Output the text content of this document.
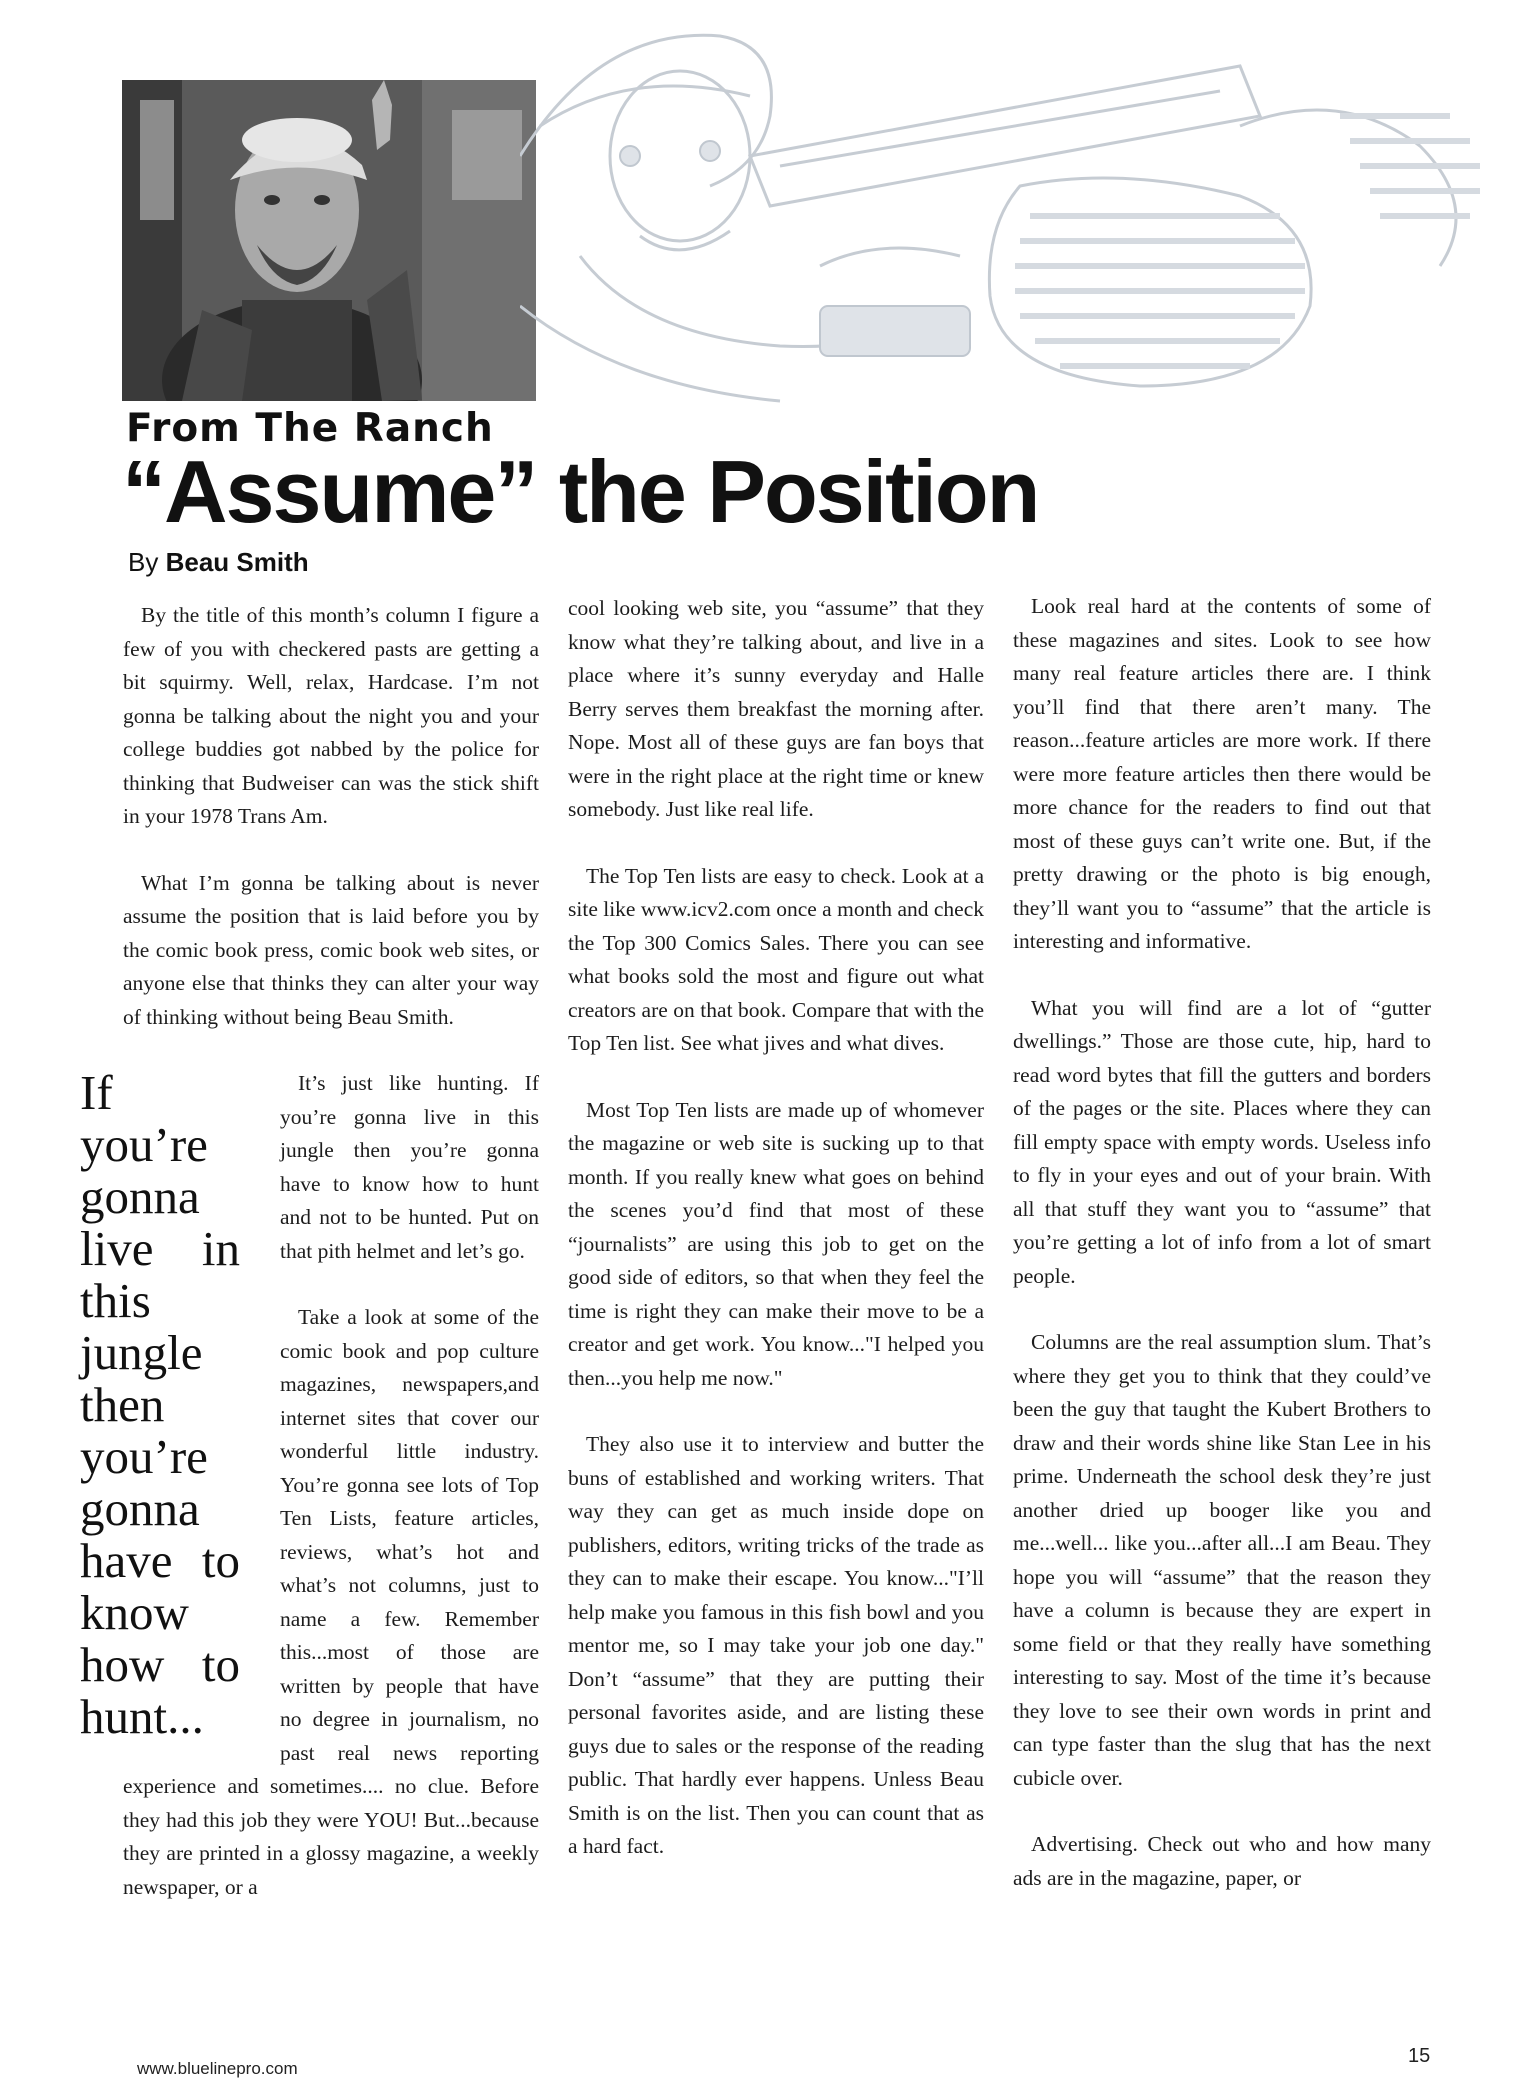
From The Ranch
“Assume” the Position
By Beau Smith

By the title of this month’s column I figure a few of you with checkered pasts are getting a bit squirmy. Well, relax, Hardcase. I’m not gonna be talking about the night you and your college buddies got nabbed by the police for thinking that Budweiser can was the stick shift in your 1978 Trans Am.

What I’m gonna be talking about is never assume the position that is laid before you by the comic book press, comic book web sites, or anyone else that thinks they can alter your way of thinking without being Beau Smith.

If you’re gonna live in this jungle then you’re gonna have to know how to hunt...

It’s just like hunting. If you’re gonna live in this jungle then you’re gonna have to know how to hunt and not to be hunted. Put on that pith helmet and let’s go.

Take a look at some of the comic book and pop culture magazines, newspapers,and internet sites that cover our wonderful little industry. You’re gonna see lots of Top Ten Lists, feature articles, reviews, what’s hot and what’s not columns, just to name a few. Remember this...most of those are written by people that have no degree in journalism, no past real news reporting experience and sometimes.... no clue. Before they had this job they were YOU! But...because they are printed in a glossy magazine, a weekly newspaper, or a

cool looking web site, you “assume” that they know what they’re talking about, and live in a place where it’s sunny everyday and Halle Berry serves them breakfast the morning after. Nope. Most all of these guys are fan boys that were in the right place at the right time or knew somebody. Just like real life.

The Top Ten lists are easy to check. Look at a site like www.icv2.com once a month and check the Top 300 Comics Sales. There you can see what books sold the most and figure out what creators are on that book. Compare that with the Top Ten list. See what jives and what dives.

Most Top Ten lists are made up of whomever the magazine or web site is sucking up to that month. If you really knew what goes on behind the scenes you’d find that most of these “journalists” are using this job to get on the good side of editors, so that when they feel the time is right they can make their move to be a creator and get work. You know..."I helped you then...you help me now."

They also use it to interview and butter the buns of established and working writers. That way they can get as much inside dope on publishers, editors, writing tricks of the trade as they can to make their escape. You know..."I’ll help make you famous in this fish bowl and you mentor me, so I may take your job one day." Don’t “assume” that they are putting their personal favorites aside, and are listing these guys due to sales or the response of the reading public. That hardly ever happens. Unless Beau Smith is on the list. Then you can count that as a hard fact.

Look real hard at the contents of some of these magazines and sites. Look to see how many real feature articles there are. I think you’ll find that there aren’t many. The reason...feature articles are more work. If there were more feature articles then there would be more chance for the readers to find out that most of these guys can’t write one. But, if the pretty drawing or the photo is big enough, they’ll want you to “assume” that the article is interesting and informative.

What you will find are a lot of “gutter dwellings.” Those are those cute, hip, hard to read word bytes that fill the gutters and borders of the pages or the site. Places where they can fill empty space with empty words. Useless info to fly in your eyes and out of your brain. With all that stuff they want you to “assume” that you’re getting a lot of info from a lot of smart people.

Columns are the real assumption slum. That’s where they get you to think that they could’ve been the guy that taught the Kubert Brothers to draw and their words shine like Stan Lee in his prime. Underneath the school desk they’re just another dried up booger like you and me...well... like you...after all...I am Beau. They hope you will “assume” that the reason they have a column is because they are expert in some field or that they really have something interesting to say. Most of the time it’s because they love to see their own words in print and can type faster than the slug that has the next cubicle over.

Advertising. Check out who and how many ads are in the magazine, paper, or

www.bluelinepro.com
15
